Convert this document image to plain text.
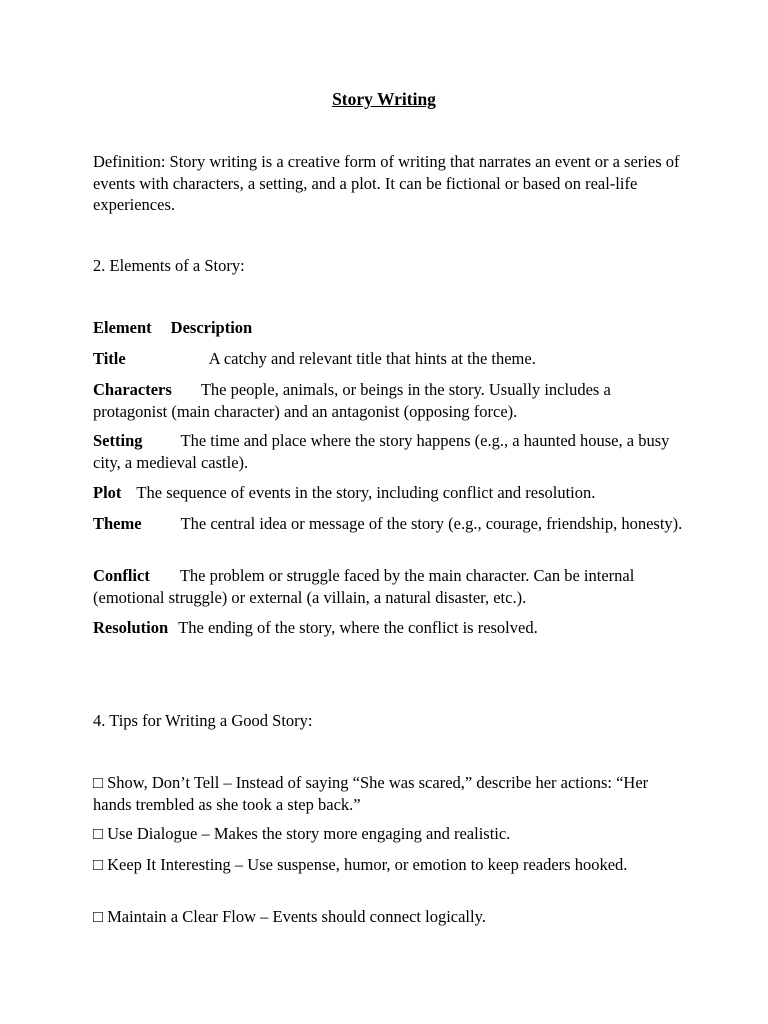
Story Writing
Definition: Story writing is a creative form of writing that narrates an event or a series of events with characters, a setting, and a plot. It can be fictional or based on real-life experiences.
2. Elements of a Story:
Element Description
Title	A catchy and relevant title that hints at the theme.
Characters The people, animals, or beings in the story. Usually includes a protagonist (main character) and an antagonist (opposing force).
Setting The time and place where the story happens (e.g., a haunted house, a busy city, a medieval castle).
Plot The sequence of events in the story, including conflict and resolution.
Theme The central idea or message of the story (e.g., courage, friendship, honesty).
Conflict The problem or struggle faced by the main character. Can be internal (emotional struggle) or external (a villain, a natural disaster, etc.).
Resolution The ending of the story, where the conflict is resolved.
4. Tips for Writing a Good Story:
□ Show, Don’t Tell – Instead of saying “She was scared,” describe her actions: “Her hands trembled as she took a step back.”
□ Use Dialogue – Makes the story more engaging and realistic.
□ Keep It Interesting – Use suspense, humor, or emotion to keep readers hooked.
□ Maintain a Clear Flow – Events should connect logically.
